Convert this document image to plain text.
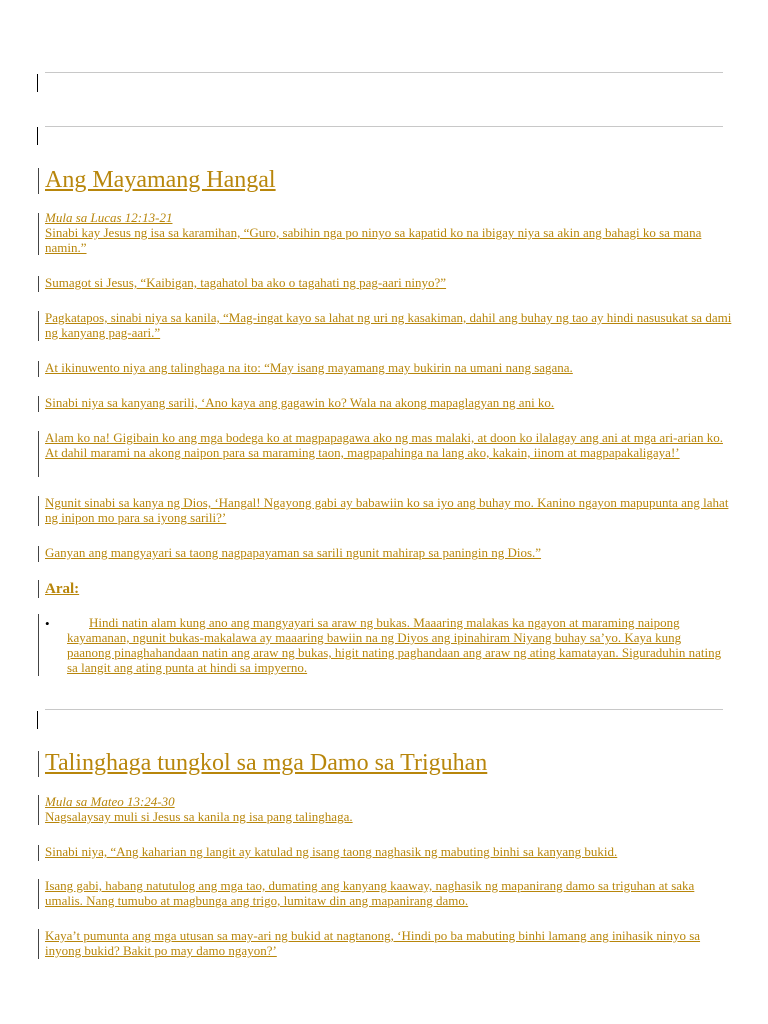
Ang Mayamang Hangal
Mula sa Lucas 12:13-21
Sinabi kay Jesus ng isa sa karamihan, “Guro, sabihin nga po ninyo sa kapatid ko na ibigay niya sa akin ang bahagi ko sa mana namin.”
Sumagot si Jesus, “Kaibigan, tagahatol ba ako o tagahati ng pag-aari ninyo?”
Pagkatapos, sinabi niya sa kanila, “Mag-ingat kayo sa lahat ng uri ng kasakiman, dahil ang buhay ng tao ay hindi nasusukat sa dami ng kanyang pag-aari.”
At ikinuwento niya ang talinghaga na ito: “May isang mayamang may bukirin na umani nang sagana.
Sinabi niya sa kanyang sarili, ‘Ano kaya ang gagawin ko? Wala na akong mapaglagyan ng ani ko.
Alam ko na! Gigibain ko ang mga bodega ko at magpapagawa ako ng mas malaki, at doon ko ilalagay ang ani at mga ari-arian ko. At dahil marami na akong naipon para sa maraming taon, magpapahinga na lang ako, kakain, iinom at magpapakaligaya!’
Ngunit sinabi sa kanya ng Dios, ‘Hangal! Ngayong gabi ay babawiin ko sa iyo ang buhay mo. Kanino ngayon mapupunta ang lahat ng inipon mo para sa iyong sarili?’
Ganyan ang mangyayari sa taong nagpapayaman sa sarili ngunit mahirap sa paningin ng Dios.”
Aral:
•	Hindi natin alam kung ano ang mangyayari sa araw ng bukas. Maaaring malakas ka ngayon at maraming naipong kayamanan, ngunit bukas-makalawa ay maaaring bawiin na ng Diyos ang ipinahiram Niyang buhay sa’yo. Kaya kung paanong pinaghahandaan natin ang araw ng bukas, higit nating paghandaan ang araw ng ating kamatayan. Siguraduhin nating sa langit ang ating punta at hindi sa impyerno.
Talinghaga tungkol sa mga Damo sa Triguhan
Mula sa Mateo 13:24-30
Nagsalaysay muli si Jesus sa kanila ng isa pang talinghaga.
Sinabi niya, “Ang kaharian ng langit ay katulad ng isang taong naghasik ng mabuting binhi sa kanyang bukid.
Isang gabi, habang natutulog ang mga tao, dumating ang kanyang kaaway, naghasik ng mapanirang damo sa triguhan at saka umalis. Nang tumubo at magbunga ang trigo, lumitaw din ang mapanirang damo.
Kaya’t pumunta ang mga utusan sa may-ari ng bukid at nagtanong, ‘Hindi po ba mabuting binhi lamang ang inihasik ninyo sa inyong bukid? Bakit po may damo ngayon?’
